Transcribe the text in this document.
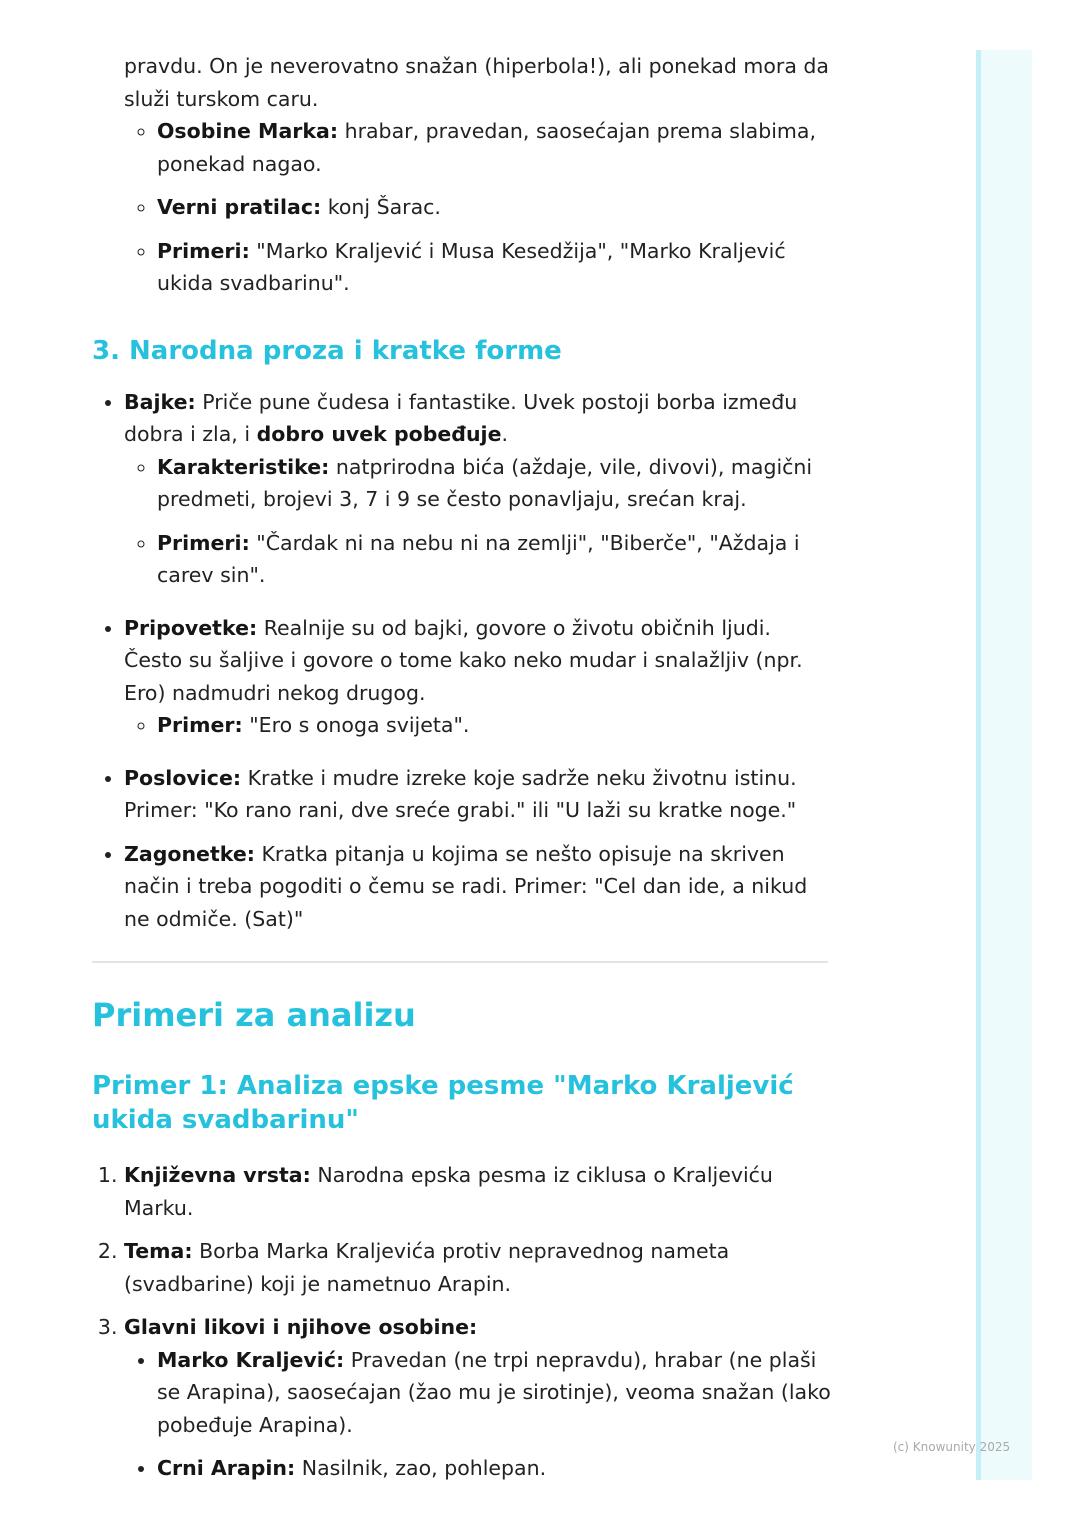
pravdu. On je neverovatno snažan (hiperbola!), ali ponekad mora da služi turskom caru.
◦ Osobine Marka: hrabar, pravedan, saosećajan prema slabima, ponekad nagao.
◦ Verni pratilac: konj Šarac.
◦ Primeri: "Marko Kraljević i Musa Kesedžija", "Marko Kraljević ukida svadbarinu".
3. Narodna proza i kratke forme
• Bajke: Priče pune čudesa i fantastike. Uvek postoji borba između dobra i zla, i dobro uvek pobeđuje.
◦ Karakteristike: natprirodna bića (aždaje, vile, divovi), magični predmeti, brojevi 3, 7 i 9 se često ponavljaju, srećan kraj.
◦ Primeri: "Čardak ni na nebu ni na zemlji", "Biberče", "Aždaja i carev sin".
• Pripovetke: Realnije su od bajki, govore o životu običnih ljudi. Često su šaljive i govore o tome kako neko mudar i snalažljiv (npr. Ero) nadmudri nekog drugog.
◦ Primer: "Ero s onoga svijeta".
• Poslovice: Kratke i mudre izreke koje sadrže neku životnu istinu. Primer: "Ko rano rani, dve sreće grabi." ili "U laži su kratke noge."
• Zagonetke: Kratka pitanja u kojima se nešto opisuje na skriven način i treba pogoditi o čemu se radi. Primer: "Cel dan ide, a nikud ne odmiče. (Sat)"
Primeri za analizu
Primer 1: Analiza epske pesme "Marko Kraljević ukida svadbarinu"
1. Književna vrsta: Narodna epska pesma iz ciklusa o Kraljeviću Marku.
2. Tema: Borba Marka Kraljevića protiv nepravednog nameta (svadbarine) koji je nametnuo Arapin.
3. Glavni likovi i njihove osobine:
• Marko Kraljević: Pravedan (ne trpi nepravdu), hrabar (ne plaši se Arapina), saosećajan (žao mu je sirotinje), veoma snažan (lako pobeđuje Arapina).
• Crni Arapin: Nasilnik, zao, pohlepan.
(c) Knowunity 2025
